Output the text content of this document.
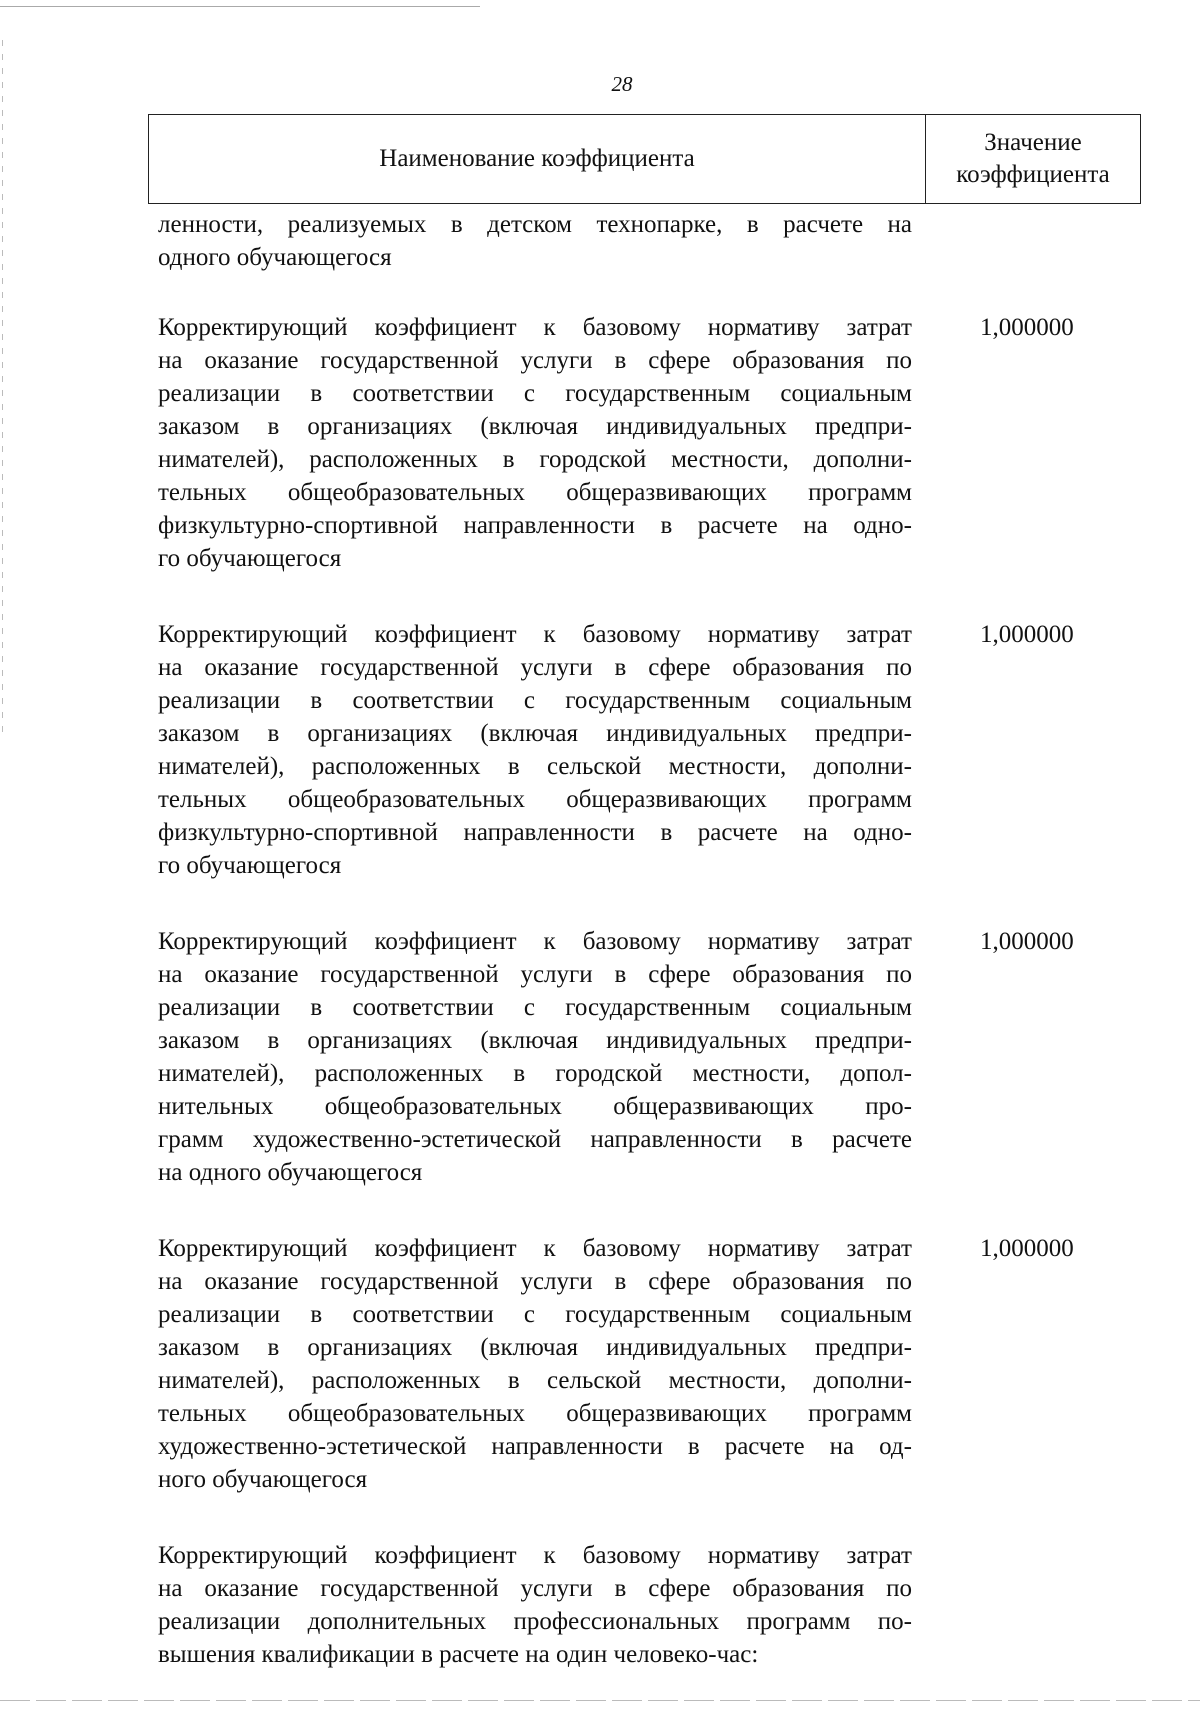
28
Наименование коэффициента
Значение
коэффициента
ленности, реализуемых в детском технопарке, в расчете на
одного обучающегося
Корректирующий коэффициент к базовому нормативу затрат
на оказание государственной услуги в сфере образования по
реализации в соответствии с государственным социальным
заказом в организациях (включая индивидуальных предпри-
нимателей), расположенных в городской местности, дополни-
тельных общеобразовательных общеразвивающих программ
физкультурно-спортивной направленности в расчете на одно-
го обучающегося
1,000000
Корректирующий коэффициент к базовому нормативу затрат
на оказание государственной услуги в сфере образования по
реализации в соответствии с государственным социальным
заказом в организациях (включая индивидуальных предпри-
нимателей), расположенных в сельской местности, дополни-
тельных общеобразовательных общеразвивающих программ
физкультурно-спортивной направленности в расчете на одно-
го обучающегося
1,000000
Корректирующий коэффициент к базовому нормативу затрат
на оказание государственной услуги в сфере образования по
реализации в соответствии с государственным социальным
заказом в организациях (включая индивидуальных предпри-
нимателей), расположенных в городской местности, допол-
нительных общеобразовательных общеразвивающих про-
грамм художественно-эстетической направленности в расчете
на одного обучающегося
1,000000
Корректирующий коэффициент к базовому нормативу затрат
на оказание государственной услуги в сфере образования по
реализации в соответствии с государственным социальным
заказом в организациях (включая индивидуальных предпри-
нимателей), расположенных в сельской местности, дополни-
тельных общеобразовательных общеразвивающих программ
художественно-эстетической направленности в расчете на од-
ного обучающегося
1,000000
Корректирующий коэффициент к базовому нормативу затрат
на оказание государственной услуги в сфере образования по
реализации дополнительных профессиональных программ по-
вышения квалификации в расчете на один человеко-час:
